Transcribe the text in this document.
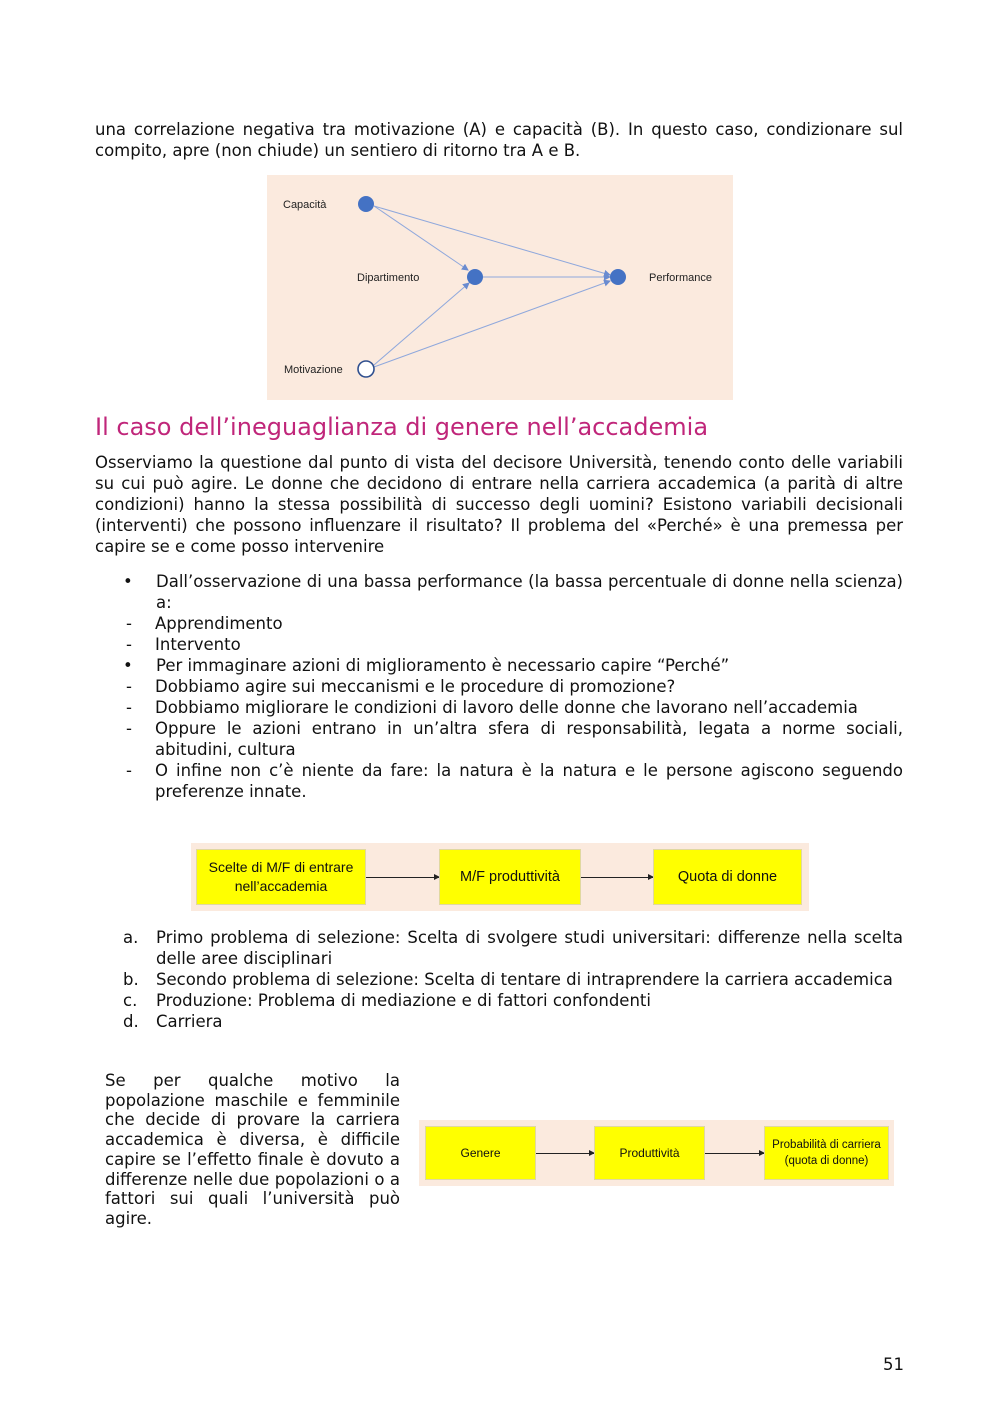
una correlazione negativa tra motivazione (A) e capacità (B). In questo caso, condizionare sul compito, apre (non chiude) un sentiero di ritorno tra A e B.

Capacità
Dipartimento	Performance
Motivazione
Il caso dell’ineguaglianza di genere nell’accademia

Osserviamo la questione dal punto di vista del decisore Università, tenendo conto delle variabili su cui può agire. Le donne che decidono di entrare nella carriera accademica (a parità di altre condizioni) hanno la stessa possibilità di successo degli uomini? Esistono variabili decisionali (interventi) che possono influenzare il risultato? Il problema del «Perché» è una premessa per capire se e come posso intervenire

• Dall’osservazione di una bassa performance (la bassa percentuale di donne nella scienza) a:
- Apprendimento
- Intervento
• Per immaginare azioni di miglioramento è necessario capire “Perché”
- Dobbiamo agire sui meccanismi e le procedure di promozione?
- Dobbiamo migliorare le condizioni di lavoro delle donne che lavorano nell’accademia
- Oppure le azioni entrano in un’altra sfera di responsabilità, legata a norme sociali, abitudini, cultura
- O infine non c’è niente da fare: la natura è la natura e le persone agiscono seguendo preferenze innate.
Scelte di M/F di entrare nell’accademia
M/F produttività	Quota di donne
a. Primo problema di selezione: Scelta di svolgere studi universitari: differenze nella scelta delle aree disciplinari
b. Secondo problema di selezione: Scelta di tentare di intraprendere la carriera accademica
c. Produzione: Problema di mediazione e di fattori confondenti
d. Carriera

Se per qualche motivo la popolazione maschile e femminile che decide di provare la carriera accademica è diversa, è difficile capire se l’effetto finale è dovuto a differenze nelle due popolazioni o a fattori sui quali l’università può agire.

Genere	Produttività
Probabilità di carriera (quota di donne)
51
